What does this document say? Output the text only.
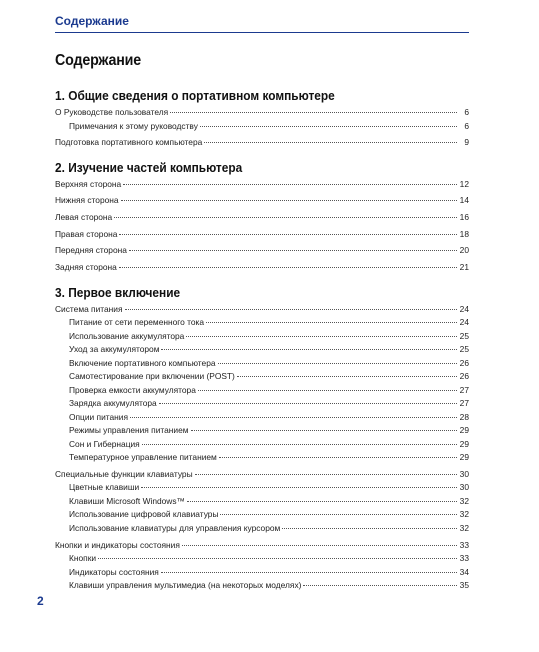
Содержание
Содержание
1. Общие сведения о портативном компьютере
О Руководстве пользователя	6
Примечания к этому руководству	6
Подготовка портативного компьютера	9
2. Изучение частей компьютера
Верхняя сторона	12
Нижняя сторона	14
Левая сторона	16
Правая сторона	18
Передняя сторона	20
Задняя сторона	21
3. Первое включение
Система питания	24
Питание от сети переменного тока	24
Использование аккумулятора	25
Уход за аккумулятором	25
Включение портативного компьютера	26
Самотестирование при включении (POST)	26
Проверка емкости аккумулятора	27
Зарядка аккумулятора	27
Опции питания	28
Режимы управления питанием	29
Сон и Гибернация	29
Температурное управление питанием	29
Специальные функции клавиатуры	30
Цветные клавиши	30
Клавиши Microsoft Windows™	32
Использование цифровой клавиатуры	32
Использование клавиатуры для управления курсором	32
Кнопки и индикаторы состояния	33
Кнопки	33
Индикаторы состояния	34
Клавиши управления мультимедиа (на некоторых моделях)	35
2
